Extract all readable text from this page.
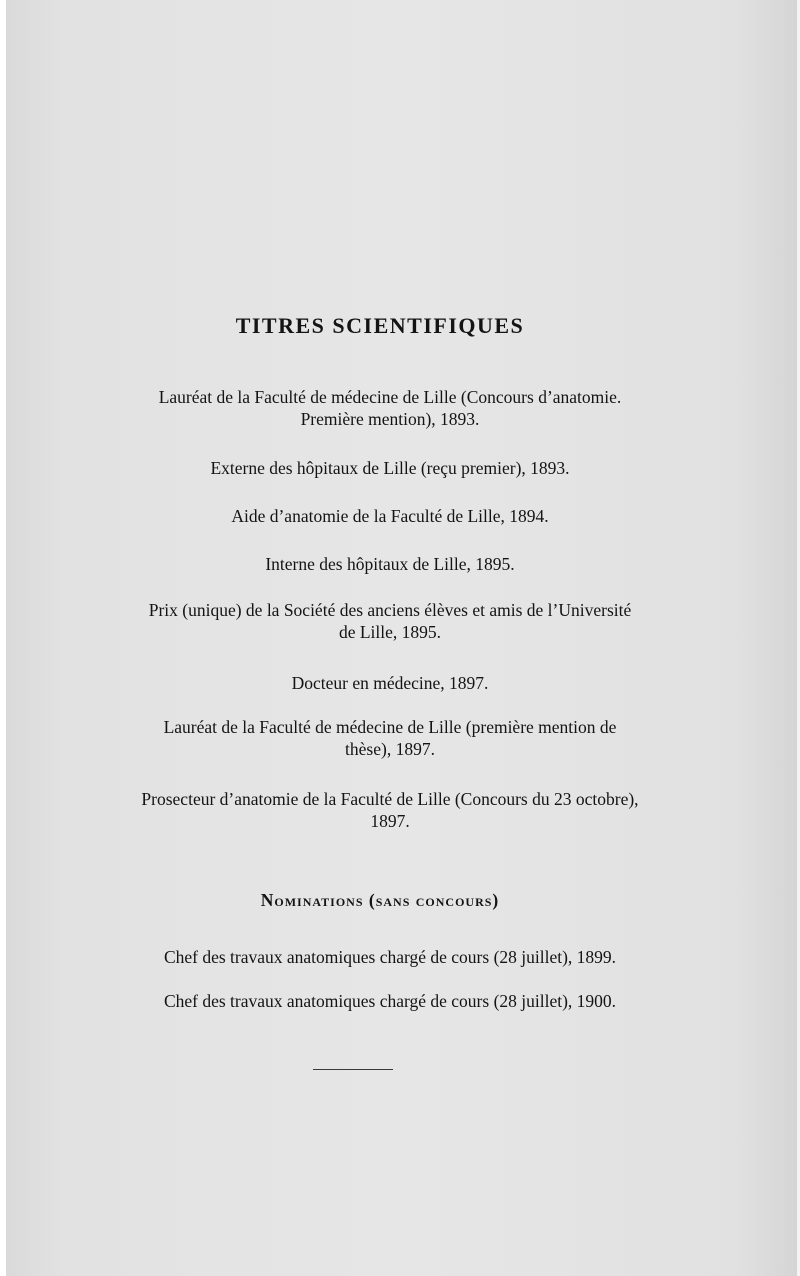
TITRES SCIENTIFIQUES

Lauréat de la Faculté de médecine de Lille (Concours d’anatomie.
Première mention), 1893.

Externe des hôpitaux de Lille (reçu premier), 1893.

Aide d’anatomie de la Faculté de Lille, 1894.

Interne des hôpitaux de Lille, 1895.

Prix (unique) de la Société des anciens élèves et amis de l’Université
de Lille, 1895.

Docteur en médecine, 1897.

Lauréat de la Faculté de médecine de Lille (première mention de
thèse), 1897.

Prosecteur d’anatomie de la Faculté de Lille (Concours du 23 octobre),
1897.

Nominations (sans concours)

Chef des travaux anatomiques chargé de cours (28 juillet), 1899.

Chef des travaux anatomiques chargé de cours (28 juillet), 1900.
